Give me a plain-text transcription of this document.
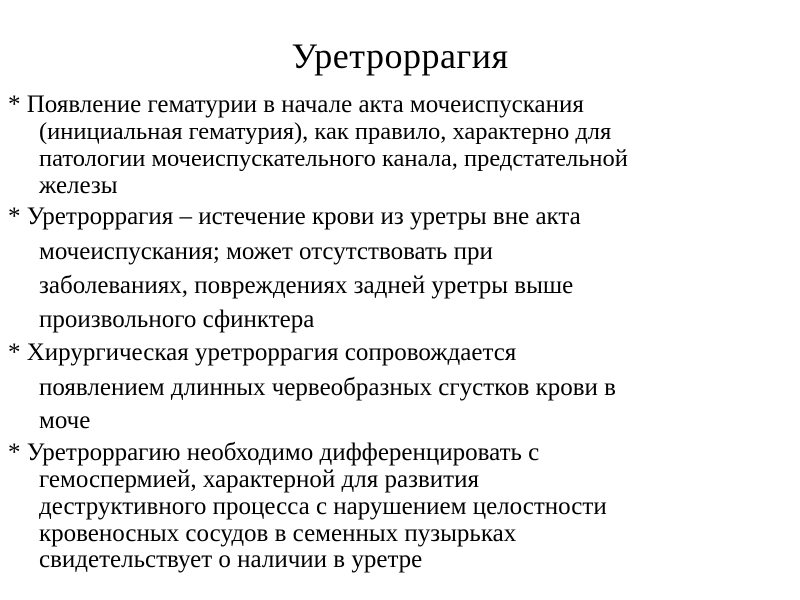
Уретроррагия
* Появление гематурии в начале акта мочеиспускания
(инициальная гематурия), как правило, характерно для
патологии мочеиспускательного канала, предстательной
железы
* Уретроррагия – истечение крови из уретры вне акта
мочеиспускания; может отсутствовать при
заболеваниях, повреждениях задней уретры выше
произвольного сфинктера
* Хирургическая уретроррагия сопровождается
появлением длинных червеобразных сгустков крови в
моче
* Уретроррагию необходимо дифференцировать с
гемоспермией, характерной для развития
деструктивного процесса с нарушением целостности
кровеносных сосудов в семенных пузырьках
свидетельствует о наличии в уретре
